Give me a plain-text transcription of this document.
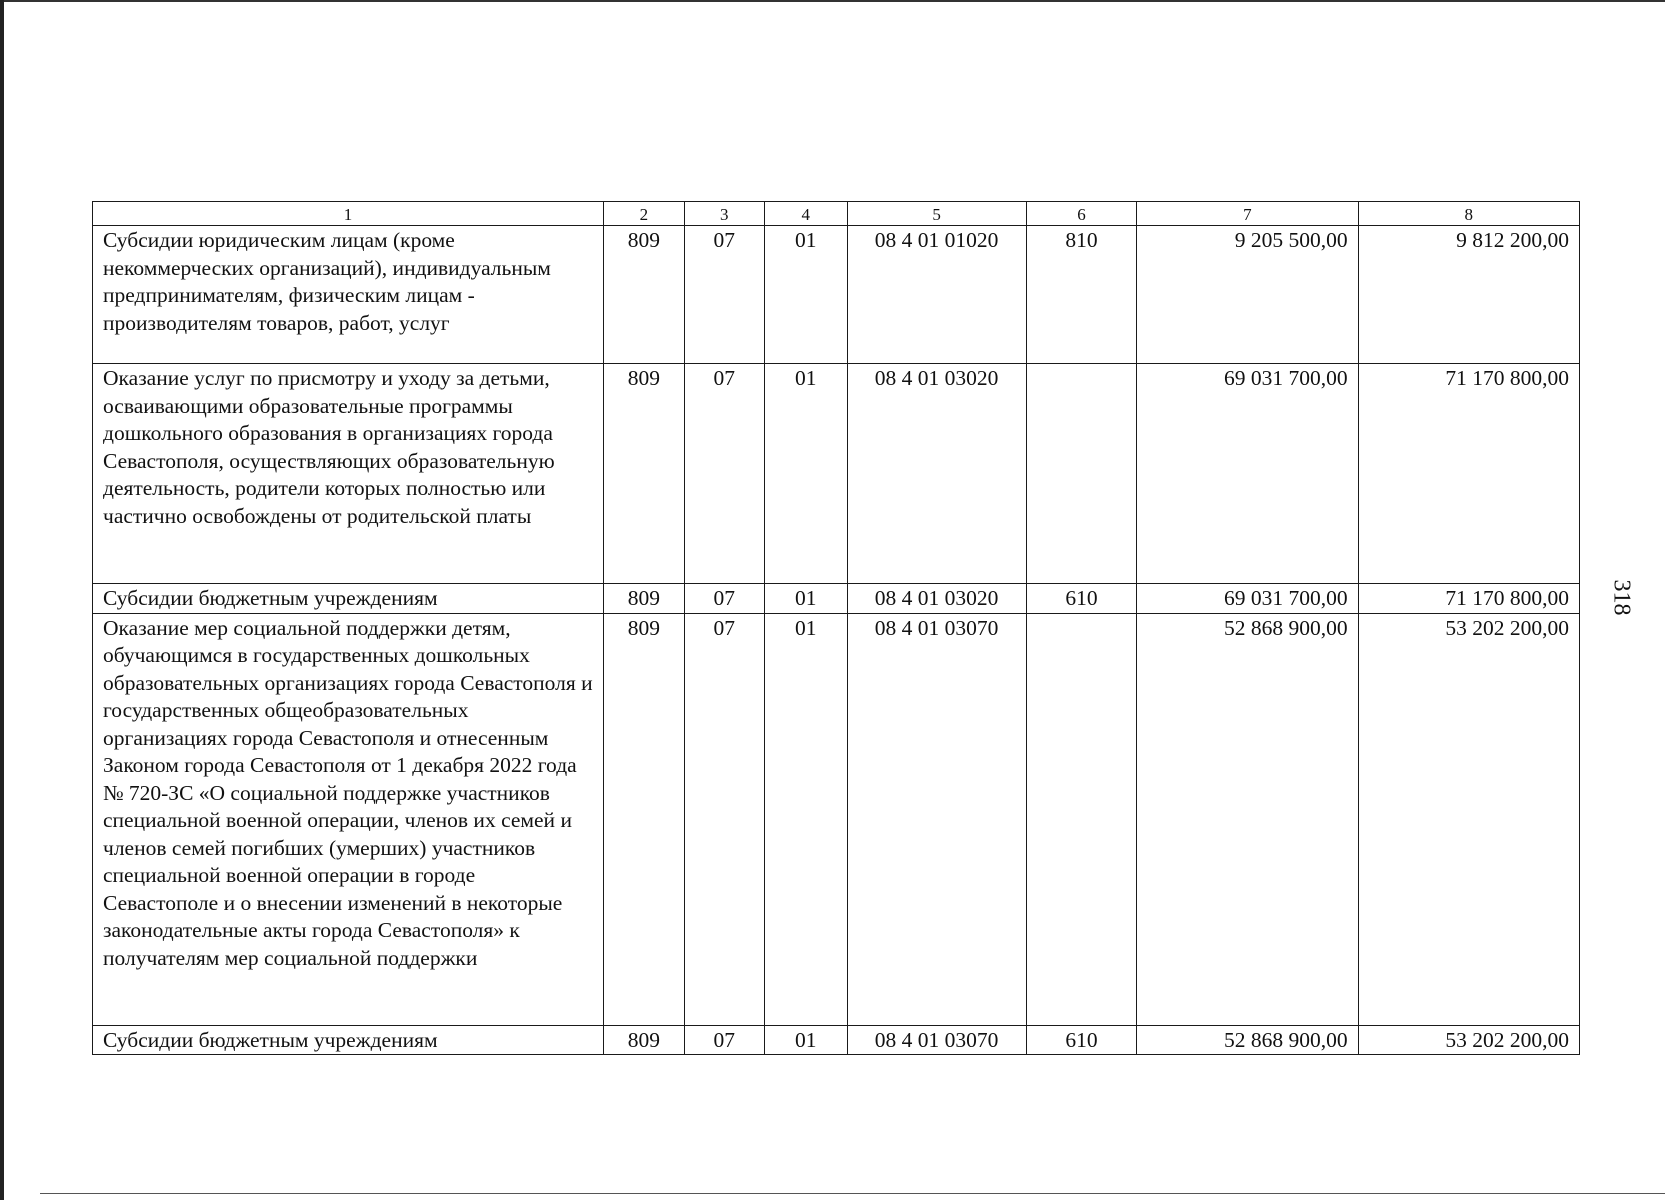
1	2	3	4	5	6	7	8
Субсидии юридическим лицам (кроме некоммерческих организаций), индивидуальным предпринимателям, физическим лицам - производителям товаров, работ, услуг	809	07	01	08 4 01 01020	810	9 205 500,00	9 812 200,00
Оказание услуг по присмотру и уходу за детьми, осваивающими образовательные программы дошкольного образования в организациях города Севастополя, осуществляющих образовательную деятельность, родители которых полностью или частично освобождены от родительской платы	809	07	01	08 4 01 03020		69 031 700,00	71 170 800,00
Субсидии бюджетным учреждениям	809	07	01	08 4 01 03020	610	69 031 700,00	71 170 800,00
Оказание мер социальной поддержки детям, обучающимся в государственных дошкольных образовательных организациях города Севастополя и государственных общеобразовательных организациях города Севастополя и отнесенным Законом города Севастополя от 1 декабря 2022 года № 720-ЗС «О социальной поддержке участников специальной военной операции, членов их семей и членов семей погибших (умерших) участников специальной военной операции в городе Севастополе и о внесении изменений в некоторые законодательные акты города Севастополя» к получателям мер социальной поддержки	809	07	01	08 4 01 03070		52 868 900,00	53 202 200,00
Субсидии бюджетным учреждениям	809	07	01	08 4 01 03070	610	52 868 900,00	53 202 200,00
318
